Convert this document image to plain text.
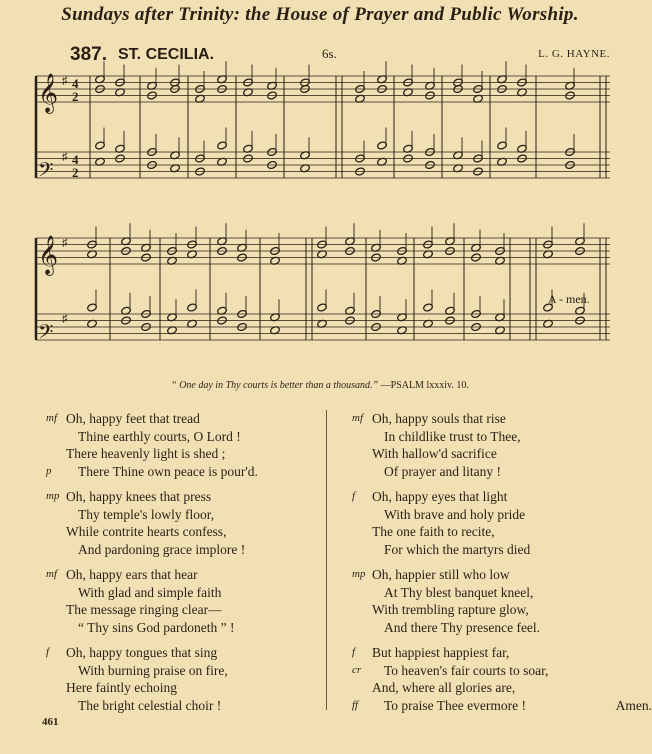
Sundays after Trinity: the House of Prayer and Public Worship.
387. ST. CECILIA.	6s.	L. G. HAYNE.
𝄞 ♯ 4
2
𝄢
♯ 4
2
𝄞 ♯
𝄢
♯
A - men.
“ One day in Thy courts is better than a thousand.” —PSALM lxxxiv. 10.
mf Oh, happy feet that tread
Thine earthly courts, O Lord !
There heavenly light is shed ;
p There Thine own peace is pour'd.
mp Oh, happy knees that press
Thy temple's lowly floor,
While contrite hearts confess,
And pardoning grace implore !
mf Oh, happy ears that hear
With glad and simple faith
The message ringing clear—
“ Thy sins God pardoneth ” !
f Oh, happy tongues that sing
With burning praise on fire,
Here faintly echoing
The bright celestial choir !
mf Oh, happy souls that rise
In childlike trust to Thee,
With hallow'd sacrifice
Of prayer and litany !
f Oh, happy eyes that light
With brave and holy pride
The one faith to recite,
For which the martyrs died
mp Oh, happier still who low
At Thy blest banquet kneel,
With trembling rapture glow,
And there Thy presence feel.
f But happiest happiest far,
cr To heaven's fair courts to soar,
And, where all glories are,
ff To praise Thee evermore !	Amen.
461
